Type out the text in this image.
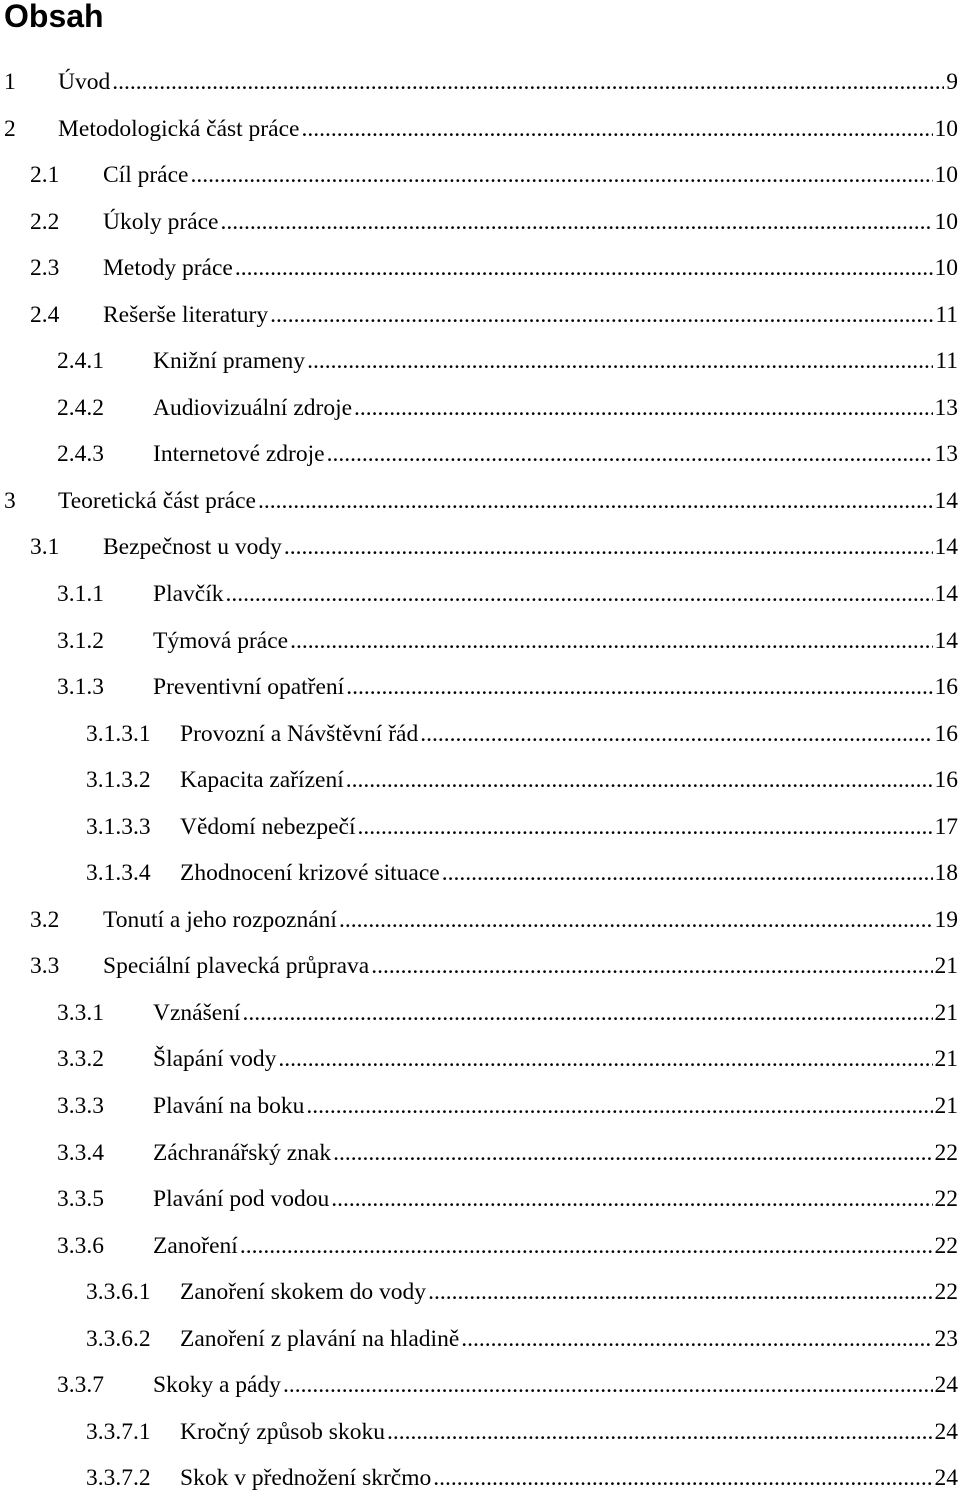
Obsah
1	Úvod .....	9
2	Metodologická část práce .....	10
2.1	Cíl práce .....	10
2.2	Úkoly práce .....	10
2.3	Metody práce .....	10
2.4	Rešerše literatury .....	11
2.4.1	Knižní prameny .....	11
2.4.2	Audiovizuální zdroje .....	13
2.4.3	Internetové zdroje .....	13
3	Teoretická část práce .....	14
3.1	Bezpečnost u vody .....	14
3.1.1	Plavčík .....	14
3.1.2	Týmová práce .....	14
3.1.3	Preventivní opatření .....	16
3.1.3.1	Provozní a Návštěvní řád .....	16
3.1.3.2	Kapacita zařízení .....	16
3.1.3.3	Vědomí nebezpečí .....	17
3.1.3.4	Zhodnocení krizové situace .....	18
3.2	Tonutí a jeho rozpoznání .....	19
3.3	Speciální plavecká průprava .....	21
3.3.1	Vznášení .....	21
3.3.2	Šlapání vody .....	21
3.3.3	Plavání na boku .....	21
3.3.4	Záchranářský znak .....	22
3.3.5	Plavání pod vodou .....	22
3.3.6	Zanoření .....	22
3.3.6.1	Zanoření skokem do vody .....	22
3.3.6.2	Zanoření z plavání na hladině .....	23
3.3.7	Skoky a pády .....	24
3.3.7.1	Kročný způsob skoku .....	24
3.3.7.2	Skok v přednožení skrčmo .....	24
